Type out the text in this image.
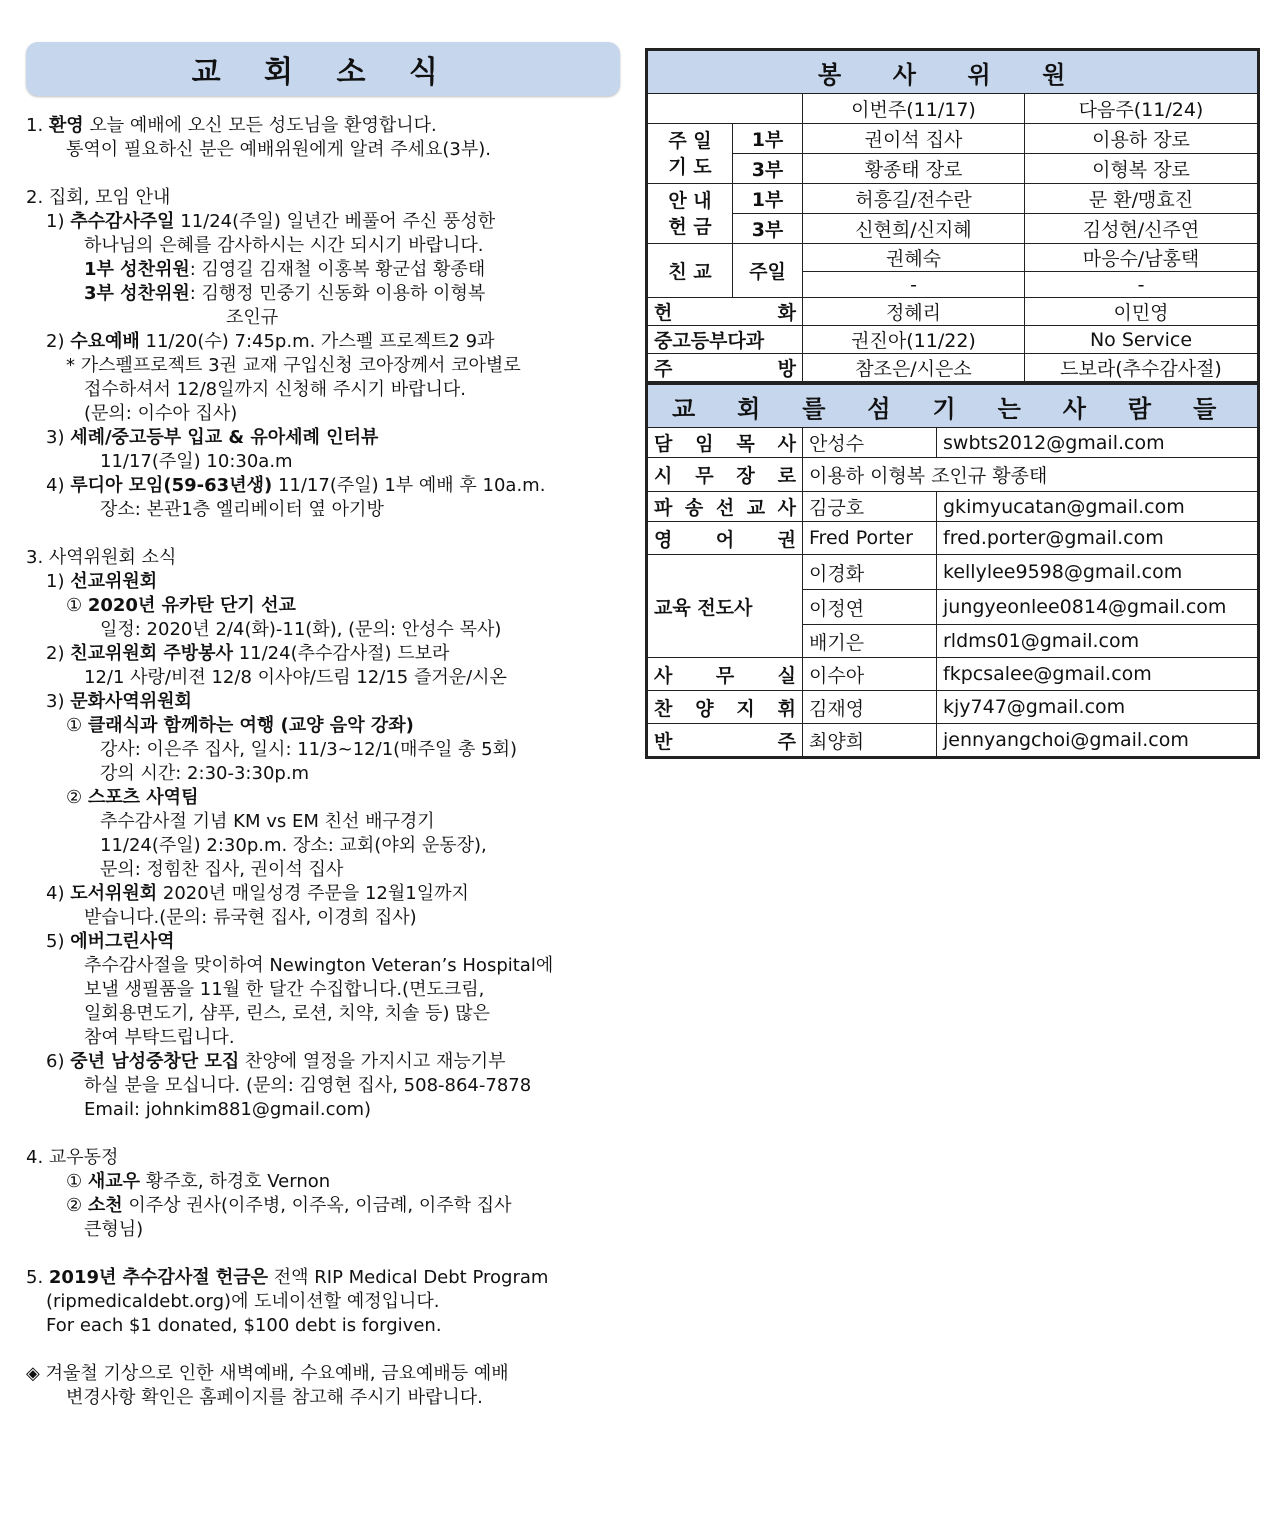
교 회 소 식
1. 환영 오늘 예배에 오신 모든 성도님을 환영합니다.
통역이 필요하신 분은 예배위원에게 알려 주세요(3부).
2. 집회, 모임 안내
1) 추수감사주일 11/24(주일) 일년간 베풀어 주신 풍성한
하나님의 은혜를 감사하시는 시간 되시기 바랍니다.
1부 성찬위원: 김영길 김재철 이홍복 황군섭 황종태
3부 성찬위원: 김행정 민중기 신동화 이용하 이형복
조인규
2) 수요예배 11/20(수) 7:45p.m. 가스펠 프로젝트2 9과
* 가스펠프로젝트 3권 교재 구입신청 코아장께서 코아별로
접수하셔서 12/8일까지 신청해 주시기 바랍니다.
(문의: 이수아 집사)
3) 세례/중고등부 입교 & 유아세례 인터뷰
11/17(주일) 10:30a.m
4) 루디아 모임(59-63년생) 11/17(주일) 1부 예배 후 10a.m.
장소: 본관1층 엘리베이터 옆 아기방
3. 사역위원회 소식
1) 선교위원회
① 2020년 유카탄 단기 선교
일정: 2020년 2/4(화)-11(화), (문의: 안성수 목사)
2) 친교위원회 주방봉사 11/24(추수감사절) 드보라
12/1 사랑/비젼 12/8 이사야/드림 12/15 즐거운/시온
3) 문화사역위원회
① 클래식과 함께하는 여행 (교양 음악 강좌)
강사: 이은주 집사, 일시: 11/3~12/1(매주일 총 5회)
강의 시간: 2:30-3:30p.m
② 스포츠 사역팀
추수감사절 기념 KM vs EM 친선 배구경기
11/24(주일) 2:30p.m. 장소: 교회(야외 운동장),
문의: 정힘찬 집사, 권이석 집사
4) 도서위원회 2020년 매일성경 주문을 12월1일까지
받습니다.(문의: 류국현 집사, 이경희 집사)
5) 에버그린사역
추수감사절을 맞이하여 Newington Veteran’s Hospital에
보낼 생필품을 11월 한 달간 수집합니다.(면도크림,
일회용면도기, 샴푸, 린스, 로션, 치약, 치솔 등) 많은
참여 부탁드립니다.
6) 중년 남성중창단 모집 찬양에 열정을 가지시고 재능기부
하실 분을 모십니다. (문의: 김영현 집사, 508-864-7878
Email: johnkim881@gmail.com)
4. 교우동정
① 새교우 황주호, 하경호 Vernon
② 소천 이주상 권사(이주병, 이주옥, 이금례, 이주학 집사
큰형님)
5. 2019년 추수감사절 헌금은 전액 RIP Medical Debt Program
(ripmedicaldebt.org)에 도네이션할 예정입니다.
For each $1 donated, $100 debt is forgiven.
◈ 겨울철 기상으로 인한 새벽예배, 수요예배, 금요예배등 예배
변경사항 확인은 홈페이지를 참고해 주시기 바랍니다.
봉 사 위 원			
		이번주(11/17)	다음주(11/24)
주 일
기 도	1부	권이석 집사	이용하 장로
	3부	황종태 장로	이형복 장로
안 내
헌 금	1부	허흥길/전수란	문 환/맹효진
	3부	신현희/신지혜	김성현/신주연
친 교	주일	권혜숙	마응수/남홍택
		-	-
헌 화		정혜리	이민영
중고등부다과		권진아(11/22)	No Service
주 방		참조은/시은소	드보라(추수감사절)
교 회 를 섬 기 는 사 람 들		
담 임 목 사	안성수	swbts2012@gmail.com
시 무 장 로	이용하 이형복 조인규 황종태	
파 송 선 교 사	김긍호	gkimyucatan@gmail.com
영 어 권	Fred Porter	fred.porter@gmail.com
교육 전도사	이경화	kellylee9598@gmail.com
	이정연	jungyeonlee0814@gmail.com
	배기은	rldms01@gmail.com
사 무 실	이수아	fkpcsalee@gmail.com
찬 양 지 휘	김재영	kjy747@gmail.com
반 주	최양희	jennyangchoi@gmail.com
